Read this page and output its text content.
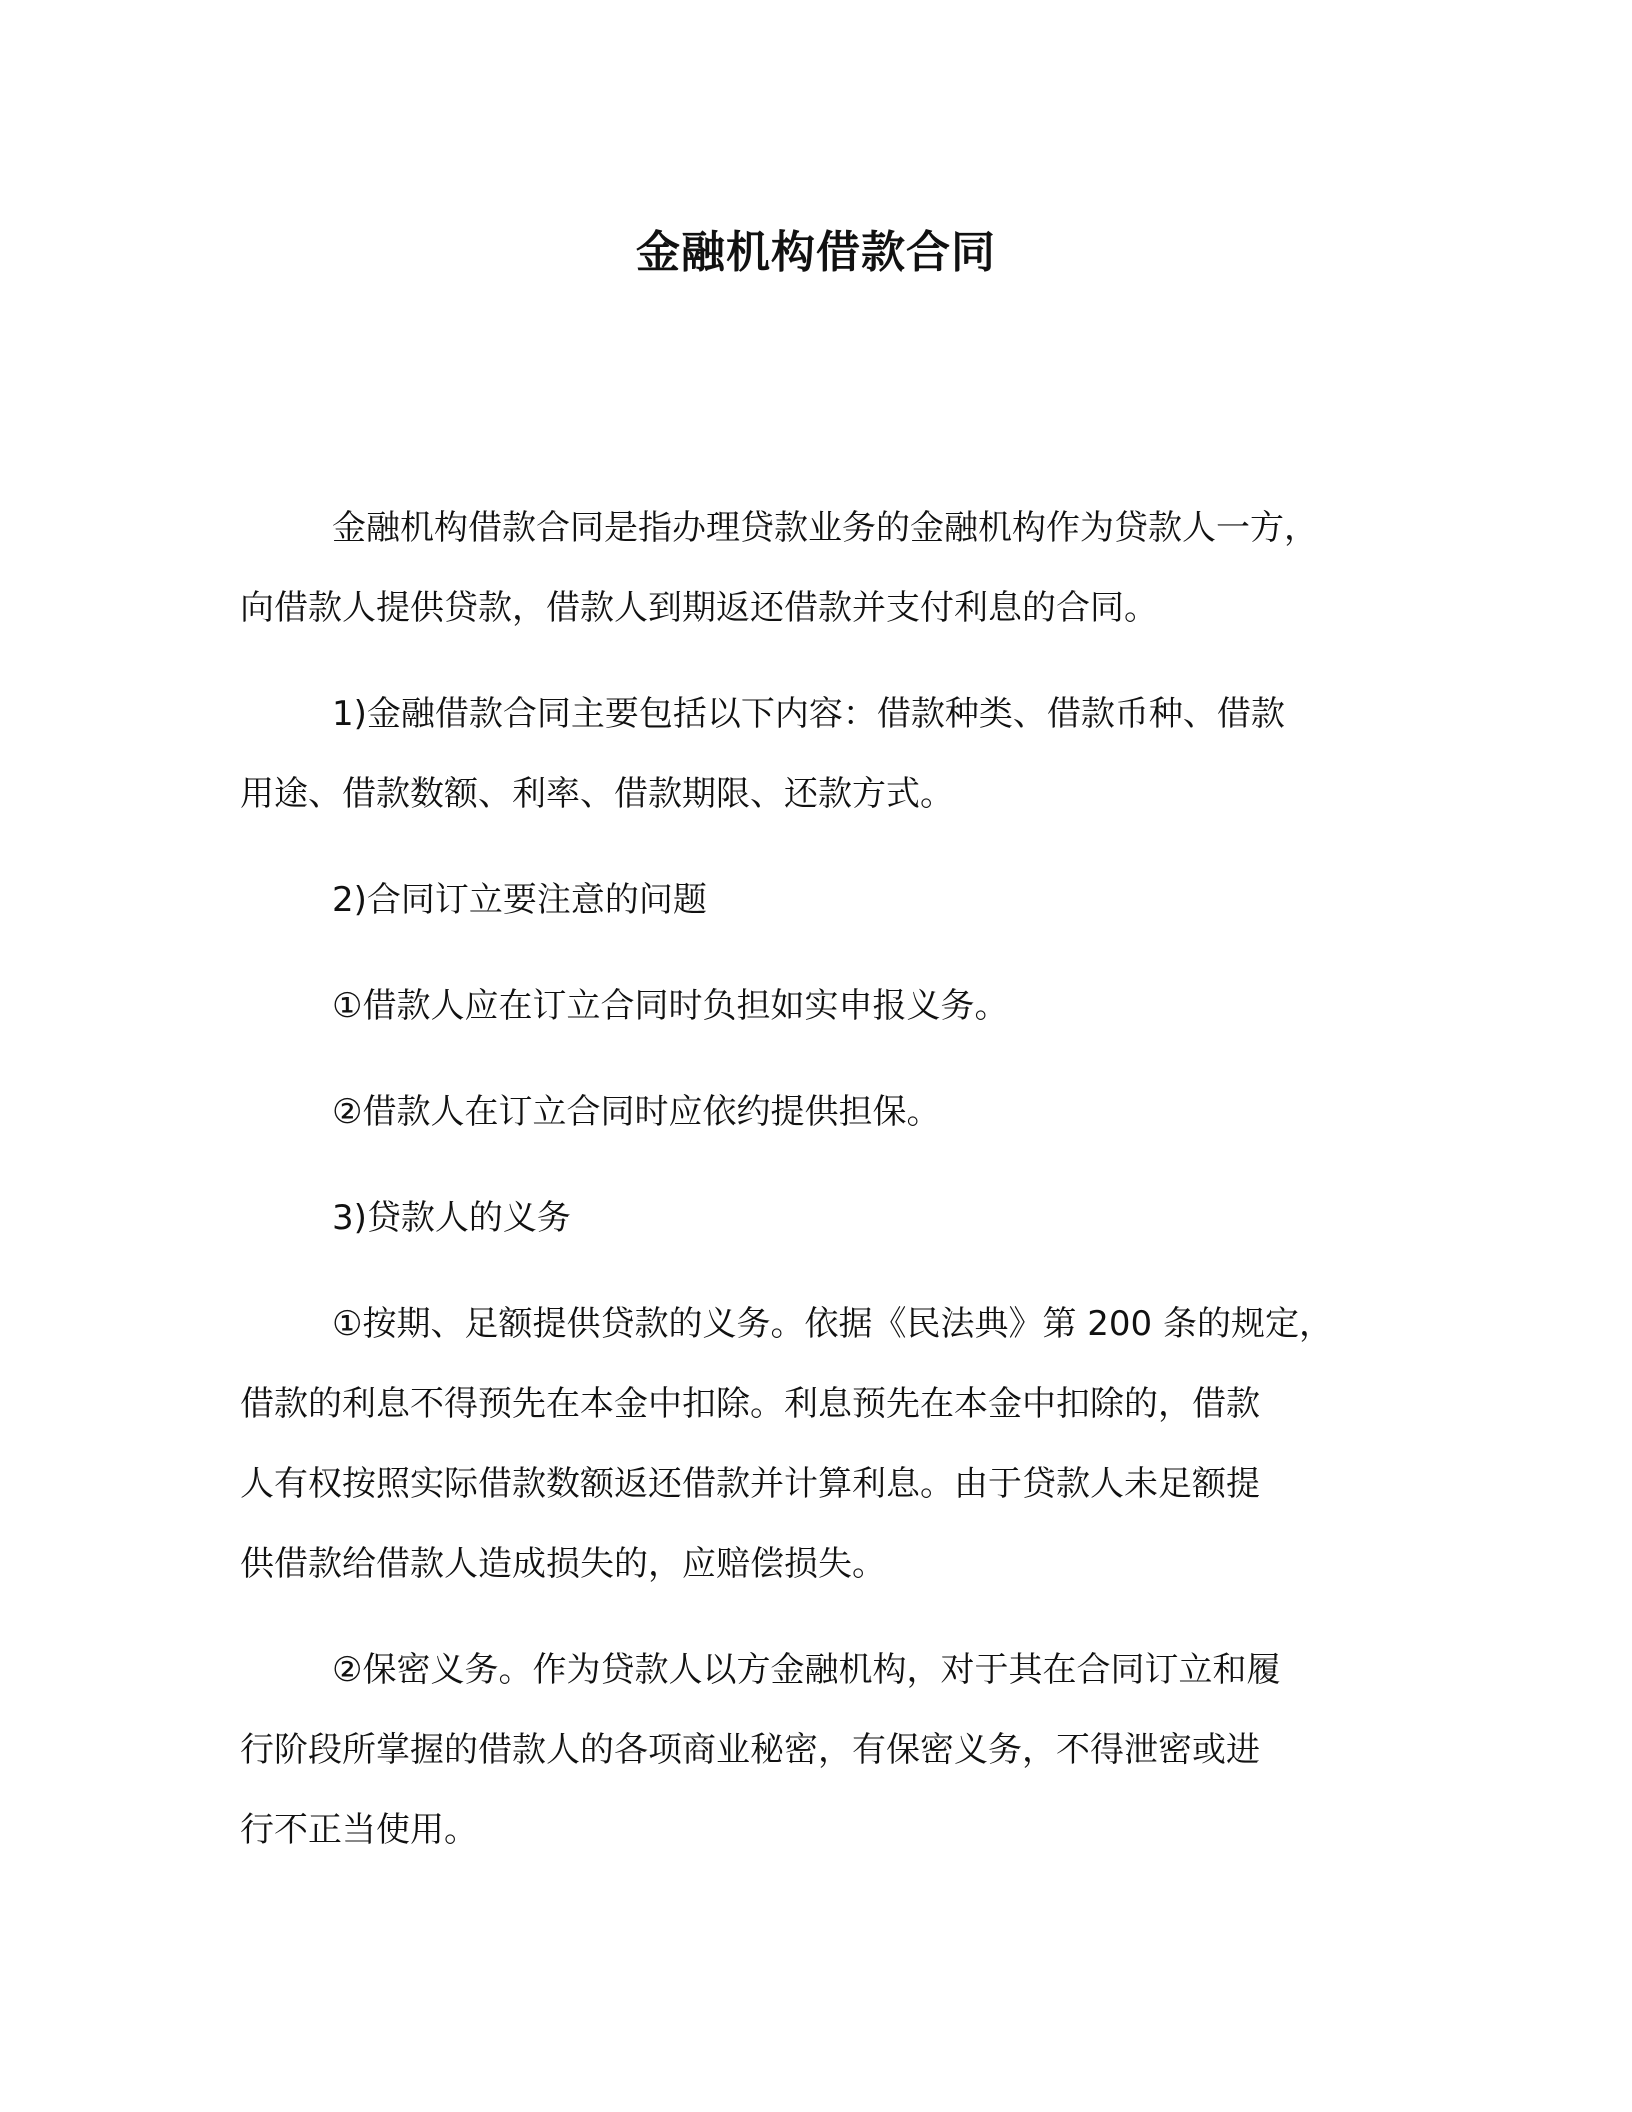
金融机构借款合同

金融机构借款合同是指办理贷款业务的金融机构作为贷款人一方，
向借款人提供贷款，借款人到期返还借款并支付利息的合同。

1)金融借款合同主要包括以下内容：借款种类、借款币种、借款
用途、借款数额、利率、借款期限、还款方式。

2)合同订立要注意的问题

①借款人应在订立合同时负担如实申报义务。

②借款人在订立合同时应依约提供担保。

3)贷款人的义务

①按期、足额提供贷款的义务。依据《民法典》第 200 条的规定，
借款的利息不得预先在本金中扣除。利息预先在本金中扣除的，借款
人有权按照实际借款数额返还借款并计算利息。由于贷款人未足额提
供借款给借款人造成损失的，应赔偿损失。

②保密义务。作为贷款人以方金融机构，对于其在合同订立和履
行阶段所掌握的借款人的各项商业秘密，有保密义务，不得泄密或进
行不正当使用。
